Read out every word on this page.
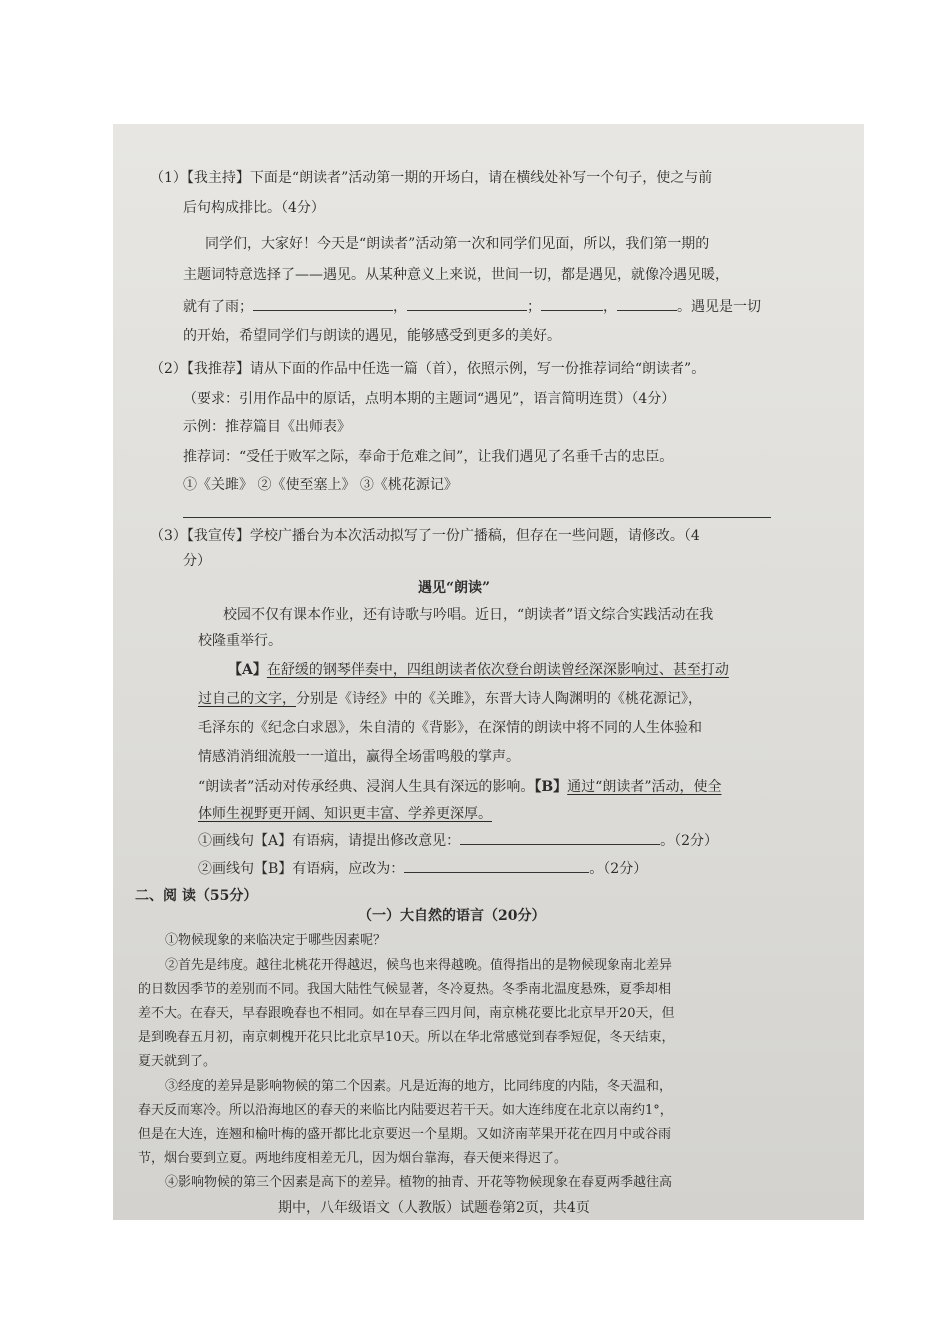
（1）【我主持】下面是“朗读者”活动第一期的开场白，请在横线处补写一个句子，使之与前
后句构成排比。（4分）
同学们，大家好！今天是“朗读者”活动第一次和同学们见面，所以，我们第一期的
主题词特意选择了——遇见。从某种意义上来说，世间一切，都是遇见，就像冷遇见暖，
就有了雨；	，	；	，	。遇见是一切
的开始，希望同学们与朗读的遇见，能够感受到更多的美好。
（2）【我推荐】请从下面的作品中任选一篇（首），依照示例，写一份推荐词给“朗读者”。
（要求：引用作品中的原话，点明本期的主题词“遇见”，语言简明连贯）（4分）
示例：推荐篇目《出师表》
推荐词：“受任于败军之际，奉命于危难之间”，让我们遇见了名垂千古的忠臣。
①《关雎》 ②《使至塞上》 ③《桃花源记》
（3）【我宣传】学校广播台为本次活动拟写了一份广播稿，但存在一些问题，请修改。（4
分）
遇见“朗读”
校园不仅有课本作业，还有诗歌与吟唱。近日，“朗读者”语文综合实践活动在我
校隆重举行。
【A】在舒缓的钢琴伴奏中，四组朗读者依次登台朗读曾经深深影响过、甚至打动
过自己的文字，分别是《诗经》中的《关雎》，东晋大诗人陶渊明的《桃花源记》，
毛泽东的《纪念白求恩》，朱自清的《背影》，在深情的朗读中将不同的人生体验和
情感消消细流般一一道出，赢得全场雷鸣般的掌声。
“朗读者”活动对传承经典、浸润人生具有深远的影响。【B】通过“朗读者”活动，使全
体师生视野更开阔、知识更丰富、学养更深厚。
①画线句【A】有语病，请提出修改意见：	。（2分）
②画线句【B】有语病，应改为：	。（2分）
二、阅 读（55分）
（一）大自然的语言（20分）
①物候现象的来临决定于哪些因素呢？
②首先是纬度。越往北桃花开得越迟，候鸟也来得越晚。值得指出的是物候现象南北差异
的日数因季节的差别而不同。我国大陆性气候显著，冬冷夏热。冬季南北温度悬殊，夏季却相
差不大。在春天，早春跟晚春也不相同。如在早春三四月间，南京桃花要比北京早开20天，但
是到晚春五月初，南京刺槐开花只比北京早10天。所以在华北常感觉到春季短促，冬天结束，
夏天就到了。
③经度的差异是影响物候的第二个因素。凡是近海的地方，比同纬度的内陆，冬天温和，
春天反而寒冷。所以沿海地区的春天的来临比内陆要迟若干天。如大连纬度在北京以南约1°，
但是在大连，连翘和榆叶梅的盛开都比北京要迟一个星期。又如济南苹果开花在四月中或谷雨
节，烟台要到立夏。两地纬度相差无几，因为烟台靠海，春天便来得迟了。
④影响物候的第三个因素是高下的差异。植物的抽青、开花等物候现象在春夏两季越往高
期中，八年级语文（人教版）试题卷第2页，共4页
